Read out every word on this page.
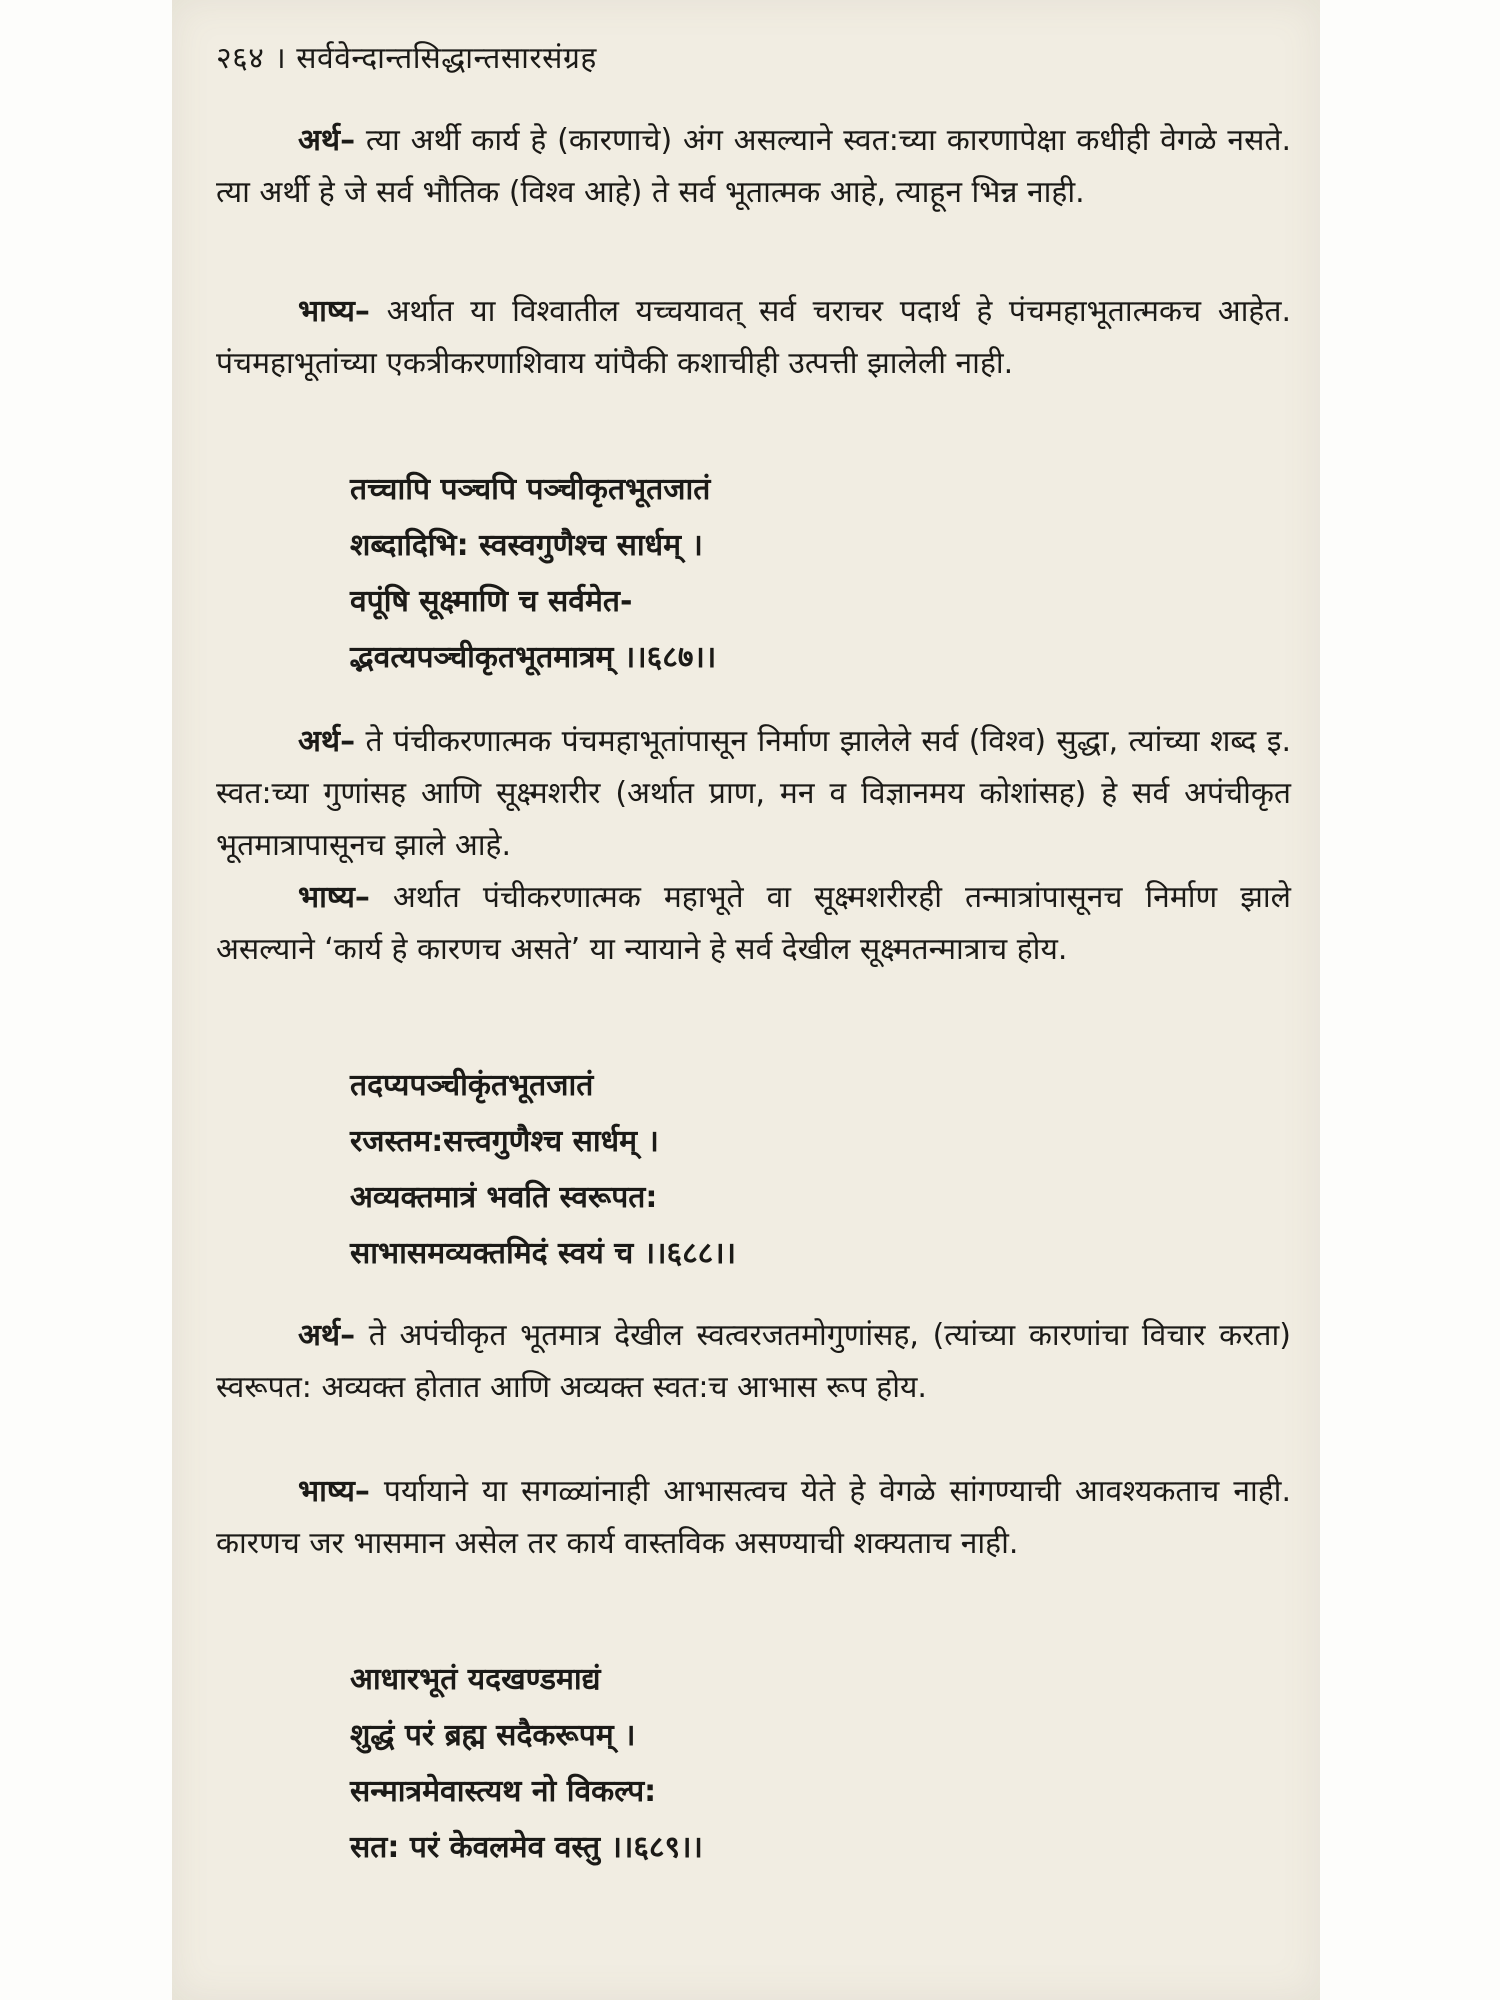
२६४ । सर्ववेन्दान्तसिद्धान्तसारसंग्रह

अर्थ– त्या अर्थी कार्य हे (कारणाचे) अंग असल्याने स्वत:च्या कारणापेक्षा कधीही वेगळे नसते. त्या अर्थी हे जे सर्व भौतिक (विश्व आहे) ते सर्व भूतात्मक आहे, त्याहून भिन्न नाही.

भाष्य– अर्थात या विश्वातील यच्चयावत् सर्व चराचर पदार्थ हे पंचमहाभूतात्मकच आहेत. पंचमहाभूतांच्या एकत्रीकरणाशिवाय यांपैकी कशाचीही उत्पत्ती झालेली नाही.

तच्चापि पञ्चपि पञ्चीकृतभूतजातं
शब्दादिभि: स्वस्वगुणैश्च सार्धम् ।
वपूंषि सूक्ष्माणि च सर्वमेत-
द्भवत्यपञ्चीकृतभूतमात्रम् ।।६८७।।

अर्थ– ते पंचीकरणात्मक पंचमहाभूतांपासून निर्माण झालेले सर्व (विश्व) सुद्धा, त्यांच्या शब्द इ. स्वत:च्या गुणांसह आणि सूक्ष्मशरीर (अर्थात प्राण, मन व विज्ञानमय कोशांसह) हे सर्व अपंचीकृत भूतमात्रापासूनच झाले आहे.

भाष्य– अर्थात पंचीकरणात्मक महाभूते वा सूक्ष्मशरीरही तन्मात्रांपासूनच निर्माण झाले असल्याने ‘कार्य हे कारणच असते’ या न्यायाने हे सर्व देखील सूक्ष्मतन्मात्राच होय.

तदप्यपञ्चीकृंतभूतजातं
रजस्तम:सत्त्वगुणैश्च सार्धम् ।
अव्यक्तमात्रं भवति स्वरूपत:
साभासमव्यक्तमिदं स्वयं च ।।६८८।।

अर्थ– ते अपंचीकृत भूतमात्र देखील स्वत्वरजतमोगुणांसह, (त्यांच्या कारणांचा विचार करता) स्वरूपत: अव्यक्त होतात आणि अव्यक्त स्वत:च आभास रूप होय.

भाष्य– पर्यायाने या सगळ्यांनाही आभासत्वच येते हे वेगळे सांगण्याची आवश्यकताच नाही. कारणच जर भासमान असेल तर कार्य वास्तविक असण्याची शक्यताच नाही.

आधारभूतं यदखण्डमाद्यं
शुद्धं परं ब्रह्म सदैकरूपम् ।
सन्मात्रमेवास्त्यथ नो विकल्प:
सत: परं केवलमेव वस्तु ।।६८९।।
